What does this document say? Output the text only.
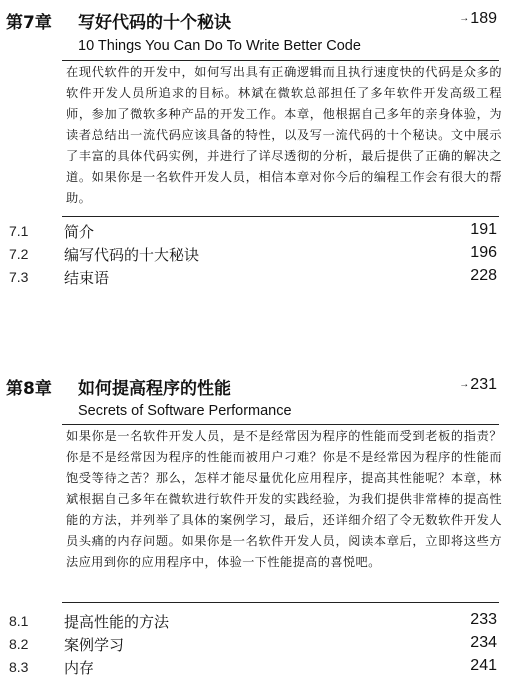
第7章 写好代码的十个秘诀	→189
10 Things You Can Do To Write Better Code
在现代软件的开发中，如何写出具有正确逻辑而且执行速度快的代码是众多的软件开发人员所追求的目标。林斌在微软总部担任了多年软件开发高级工程师，参加了微软多种产品的开发工作。本章，他根据自己多年的亲身体验，为读者总结出一流代码应该具备的特性，以及写一流代码的十个秘诀。文中展示了丰富的具体代码实例，并进行了详尽透彻的分析，最后提供了正确的解决之道。如果你是一名软件开发人员，相信本章对你今后的编程工作会有很大的帮助。
7.1 简介	191
7.2 编写代码的十大秘诀	196
7.3 结束语	228
第8章 如何提高程序的性能	→231
Secrets of Software Performance
如果你是一名软件开发人员，是不是经常因为程序的性能而受到老板的指责？你是不是经常因为程序的性能而被用户刁难？你是不是经常因为程序的性能而饱受等待之苦？那么，怎样才能尽量优化应用程序，提高其性能呢？本章，林斌根据自己多年在微软进行软件开发的实践经验，为我们提供非常棒的提高性能的方法，并列举了具体的案例学习，最后，还详细介绍了令无数软件开发人员头痛的内存问题。如果你是一名软件开发人员，阅读本章后，立即将这些方法应用到你的应用程序中，体验一下性能提高的喜悦吧。
8.1 提高性能的方法	233
8.2 案例学习	234
8.3 内存	241
